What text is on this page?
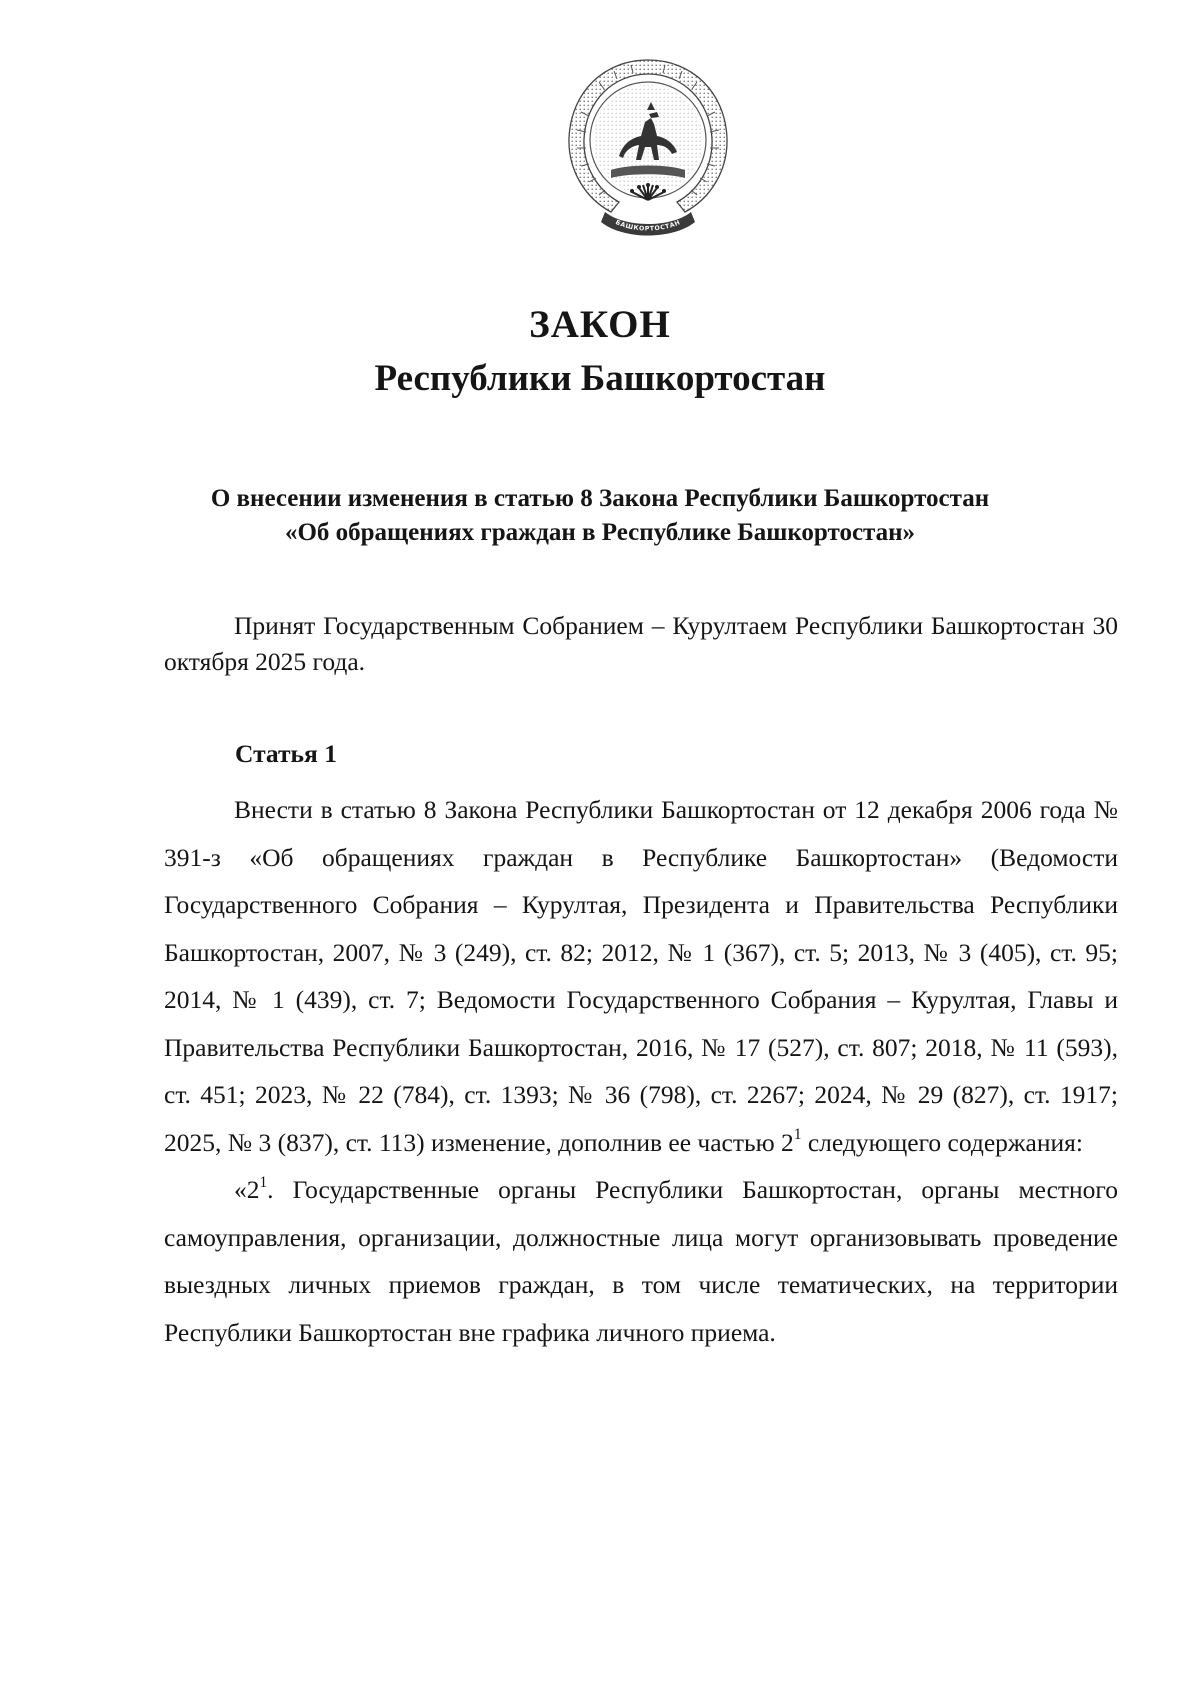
БАШКОРТОСТАН
ЗАКОН
Республики Башкортостан
О внесении изменения в статью 8 Закона Республики Башкортостан
«Об обращениях граждан в Республике Башкортостан»

Принят Государственным Собранием – Курултаем Республики Башкортостан 30 октября 2025 года.

Статья 1

Внести в статью 8 Закона Республики Башкортостан от 12 декабря 2006 года № 391-з «Об обращениях граждан в Республике Башкортостан» (Ведомости Государственного Собрания – Курултая, Президента и Правительства Республики Башкортостан, 2007, № 3 (249), ст. 82; 2012, № 1 (367), ст. 5; 2013, № 3 (405), ст. 95; 2014, № 1 (439), ст. 7; Ведомости Государственного Собрания – Курултая, Главы и Правительства Республики Башкортостан, 2016, № 17 (527), ст. 807; 2018, № 11 (593), ст. 451; 2023, № 22 (784), ст. 1393; № 36 (798), ст. 2267; 2024, № 29 (827), ст. 1917; 2025, № 3 (837), ст. 113) изменение, дополнив ее частью $2^1$ следующего содержания:

«$2^1$. Государственные органы Республики Башкортостан, органы местного самоуправления, организации, должностные лица могут организовывать проведение выездных личных приемов граждан, в том числе тематических, на территории Республики Башкортостан вне графика личного приема.
